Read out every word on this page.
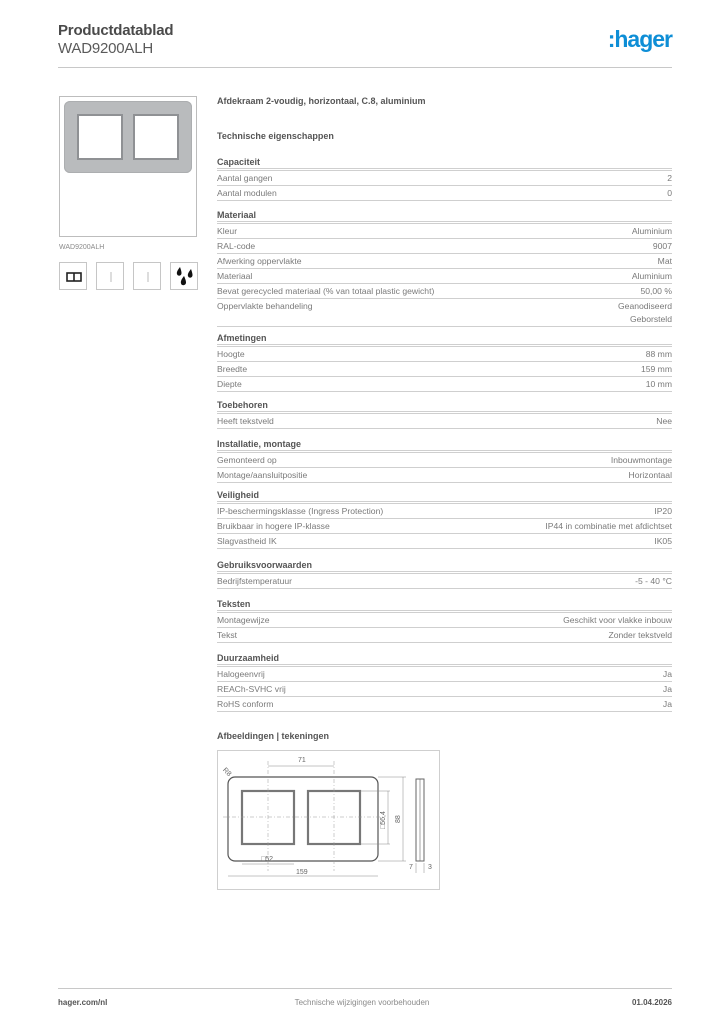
Productdatablad
WAD9200ALH	:hager
WAD9200ALH
Afdekraam 2-voudig, horizontaal, C.8, aluminium
Technische eigenschappen
Capaciteit
Aantal gangen	2
Aantal modulen	0
Materiaal
Kleur	Aluminium
RAL-code	9007
Afwerking oppervlakte	Mat
Materiaal	Aluminium
Bevat gerecycled materiaal (% van totaal plastic gewicht)	50,00 %
Oppervlakte behandeling	Geanodiseerd
Geborsteld
Afmetingen
Hoogte	88 mm
Breedte	159 mm
Diepte	10 mm
Toebehoren
Heeft tekstveld	Nee
Installatie, montage
Gemonteerd op	Inbouwmontage
Montage/aansluitpositie	Horizontaal
Veiligheid
IP-beschermingsklasse (Ingress Protection)	IP20
Bruikbaar in hogere IP-klasse	IP44 in combinatie met afdichtset
Slagvastheid IK	IK05
Gebruiksvoorwaarden
Bedrijfstemperatuur	-5 - 40 °C
Teksten
Montagewijze	Geschikt voor vlakke inbouw
Tekst	Zonder tekstveld
Duurzaamheid
Halogeenvrij	Ja
REACh-SVHC vrij	Ja
RoHS conform	Ja
Afbeeldingen | tekeningen
71
R8
□52
159
□56,4 88
7 3
hager.com/nl	Technische wijzigingen voorbehouden	01.04.2026
